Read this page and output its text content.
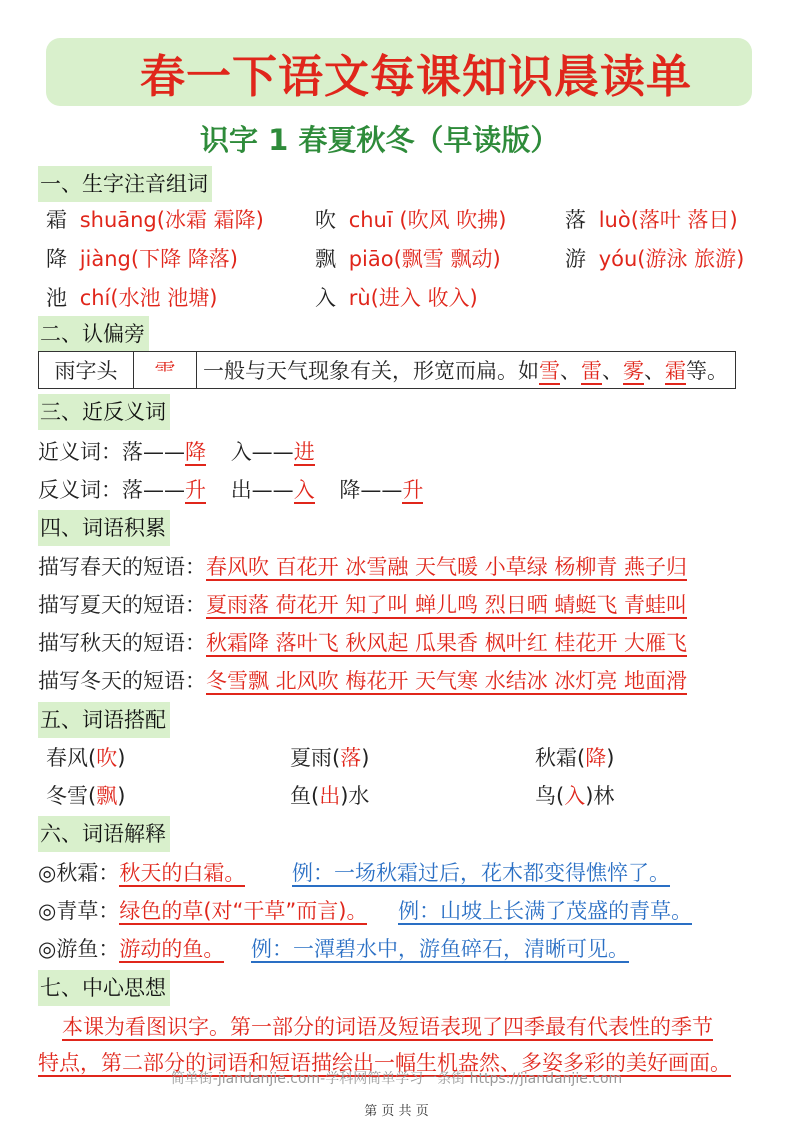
春一下语文每课知识晨读单
识字 1 春夏秋冬（早读版）
一、生字注音组词
霜 shuāng(冰霜 霜降) 吹 chuī (吹风 吹拂)	落 luò(落叶 落日)
降 jiàng(下降 降落)	飘 piāo(飘雪 飘动)	游 yóu(游泳 旅游)
池 chí(水池 池塘)	入 rù(进入 收入)
二、认偏旁
雨字头	⻗	一般与天气现象有关，形宽而扁。如雪、雷、雾、霜等。
三、近反义词
近义词：落——降 入——进
反义词：落——升 出——入 降——升
四、词语积累
描写春天的短语：春风吹 百花开 冰雪融 天气暖 小草绿 杨柳青 燕子归
描写夏天的短语：夏雨落 荷花开 知了叫 蝉儿鸣 烈日晒 蜻蜓飞 青蛙叫
描写秋天的短语：秋霜降 落叶飞 秋风起 瓜果香 枫叶红 桂花开 大雁飞
描写冬天的短语：冬雪飘 北风吹 梅花开 天气寒 水结冰 冰灯亮 地面滑
五、词语搭配
春风(吹)	夏雨(落)	秋霜(降)
冬雪(飘)	鱼(出)水	鸟(入)林
六、词语解释
◎秋霜：秋天的白霜。 例：一场秋霜过后，花木都变得憔悴了。
◎青草：绿色的草(对“干草”而言)。 例：山坡上长满了茂盛的青草。
◎游鱼：游动的鱼。 例：一潭碧水中，游鱼碎石，清晰可见。
七、中心思想
本课为看图识字。第一部分的词语及短语表现了四季最有代表性的季节
特点，第二部分的词语和短语描绘出一幅生机盎然、多姿多彩的美好画面。
简单街-jiandanjie.com-学科网简单学习一条街 https://jiandanjie.com
第 页 共 页
